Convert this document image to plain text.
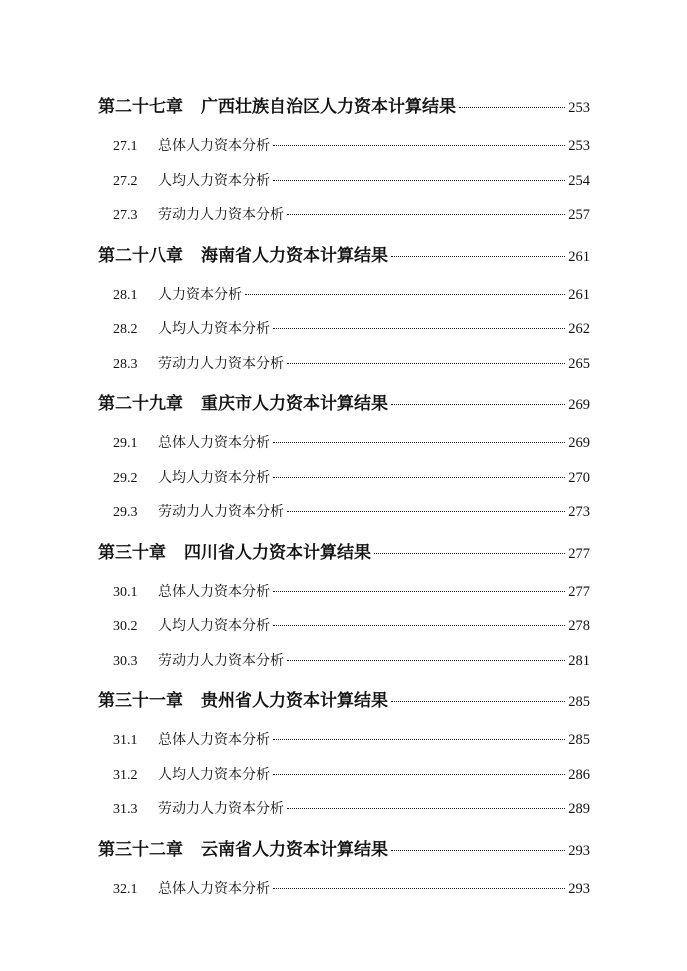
第二十七章 广西壮族自治区人力资本计算结果	253
27.1	总体人力资本分析	253
27.2	人均人力资本分析	254
27.3	劳动力人力资本分析	257
第二十八章 海南省人力资本计算结果	261
28.1	人力资本分析	261
28.2	人均人力资本分析	262
28.3	劳动力人力资本分析	265
第二十九章 重庆市人力资本计算结果	269
29.1	总体人力资本分析	269
29.2	人均人力资本分析	270
29.3	劳动力人力资本分析	273
第三十章 四川省人力资本计算结果	277
30.1	总体人力资本分析	277
30.2	人均人力资本分析	278
30.3	劳动力人力资本分析	281
第三十一章 贵州省人力资本计算结果	285
31.1	总体人力资本分析	285
31.2	人均人力资本分析	286
31.3	劳动力人力资本分析	289
第三十二章 云南省人力资本计算结果	293
32.1	总体人力资本分析	293
